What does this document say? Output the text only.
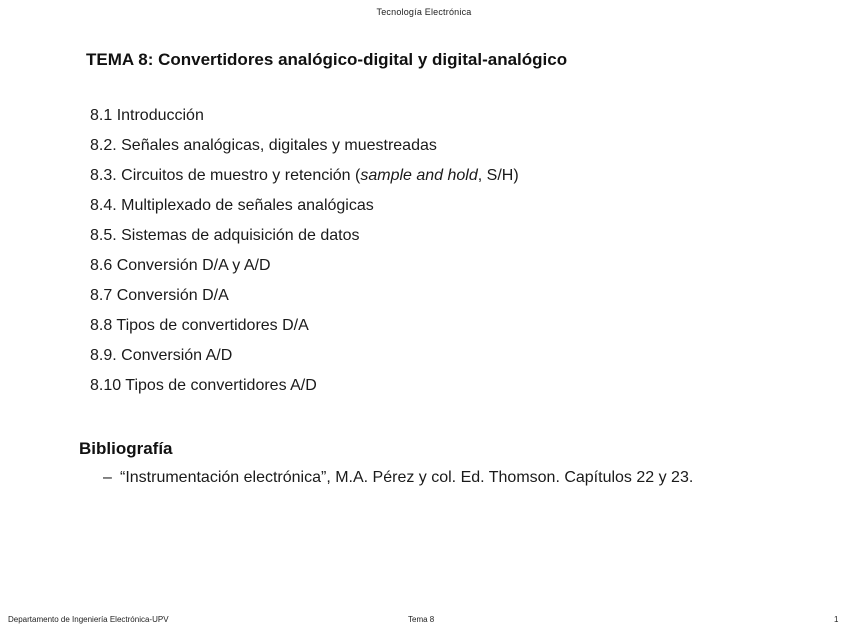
Tecnología Electrónica
TEMA 8: Convertidores analógico-digital y digital-analógico
8.1 Introducción
8.2. Señales analógicas, digitales y muestreadas
8.3. Circuitos de muestro y retención (sample and hold, S/H)
8.4. Multiplexado de señales analógicas
8.5. Sistemas de adquisición de datos
8.6 Conversión D/A y A/D
8.7 Conversión D/A
8.8 Tipos de convertidores D/A
8.9. Conversión A/D
8.10 Tipos de convertidores A/D
Bibliografía
– “Instrumentación electrónica”, M.A. Pérez y col. Ed. Thomson. Capítulos 22 y 23.
Departamento de Ingeniería Electrónica-UPV	Tema 8	1
